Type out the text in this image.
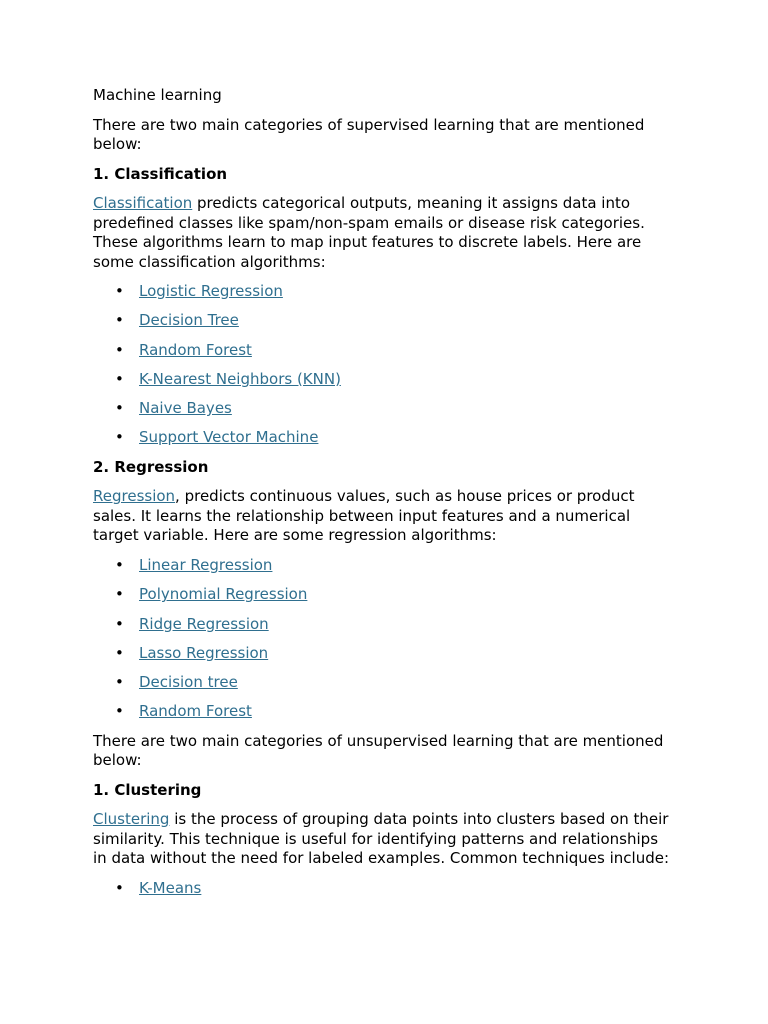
Machine learning

There are two main categories of supervised learning that are mentioned below:

1. Classification

Classification predicts categorical outputs, meaning it assigns data into predefined classes like spam/non-spam emails or disease risk categories. These algorithms learn to map input features to discrete labels. Here are some classification algorithms:

• Logistic Regression
• Decision Tree
• Random Forest
• K-Nearest Neighbors (KNN)
• Naive Bayes
• Support Vector Machine

2. Regression

Regression, predicts continuous values, such as house prices or product sales. It learns the relationship between input features and a numerical target variable. Here are some regression algorithms:

• Linear Regression
• Polynomial Regression
• Ridge Regression
• Lasso Regression
• Decision tree
• Random Forest

There are two main categories of unsupervised learning that are mentioned below:

1. Clustering

Clustering is the process of grouping data points into clusters based on their similarity. This technique is useful for identifying patterns and relationships in data without the need for labeled examples. Common techniques include:

• K-Means
